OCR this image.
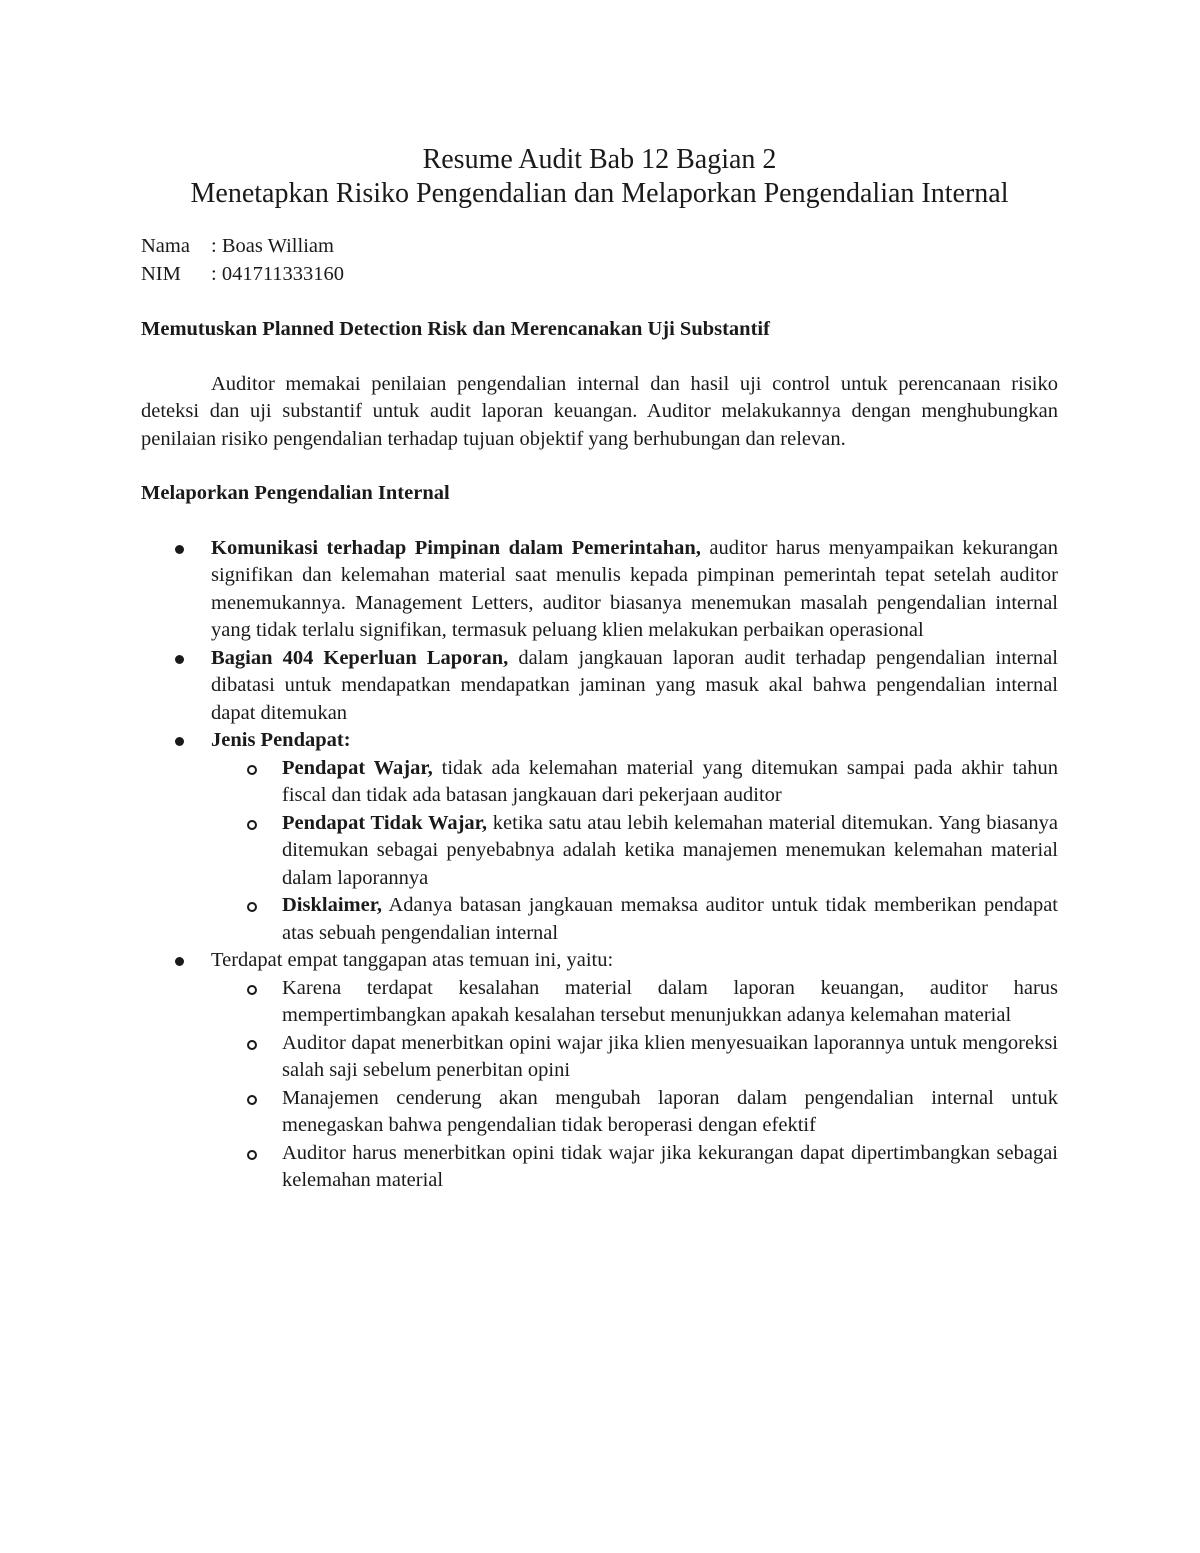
Resume Audit Bab 12 Bagian 2
Menetapkan Risiko Pengendalian dan Melaporkan Pengendalian Internal
Nama	: Boas William
NIM	: 041711333160

Memutuskan Planned Detection Risk dan Merencanakan Uji Substantif

Auditor memakai penilaian pengendalian internal dan hasil uji control untuk perencanaan risiko deteksi dan uji substantif untuk audit laporan keuangan. Auditor melakukannya dengan menghubungkan penilaian risiko pengendalian terhadap tujuan objektif yang berhubungan dan relevan.

Melaporkan Pengendalian Internal

Komunikasi terhadap Pimpinan dalam Pemerintahan, auditor harus menyampaikan kekurangan signifikan dan kelemahan material saat menulis kepada pimpinan pemerintah tepat setelah auditor menemukannya. Management Letters, auditor biasanya menemukan masalah pengendalian internal yang tidak terlalu signifikan, termasuk peluang klien melakukan perbaikan operasional
Bagian 404 Keperluan Laporan, dalam jangkauan laporan audit terhadap pengendalian internal dibatasi untuk mendapatkan mendapatkan jaminan yang masuk akal bahwa pengendalian internal dapat ditemukan
Jenis Pendapat:
Pendapat Wajar, tidak ada kelemahan material yang ditemukan sampai pada akhir tahun fiscal dan tidak ada batasan jangkauan dari pekerjaan auditor
Pendapat Tidak Wajar, ketika satu atau lebih kelemahan material ditemukan. Yang biasanya ditemukan sebagai penyebabnya adalah ketika manajemen menemukan kelemahan material dalam laporannya
Disklaimer, Adanya batasan jangkauan memaksa auditor untuk tidak memberikan pendapat atas sebuah pengendalian internal
Terdapat empat tanggapan atas temuan ini, yaitu:
Karena terdapat kesalahan material dalam laporan keuangan, auditor harus mempertimbangkan apakah kesalahan tersebut menunjukkan adanya kelemahan material
Auditor dapat menerbitkan opini wajar jika klien menyesuaikan laporannya untuk mengoreksi salah saji sebelum penerbitan opini
Manajemen cenderung akan mengubah laporan dalam pengendalian internal untuk menegaskan bahwa pengendalian tidak beroperasi dengan efektif
Auditor harus menerbitkan opini tidak wajar jika kekurangan dapat dipertimbangkan sebagai kelemahan material
